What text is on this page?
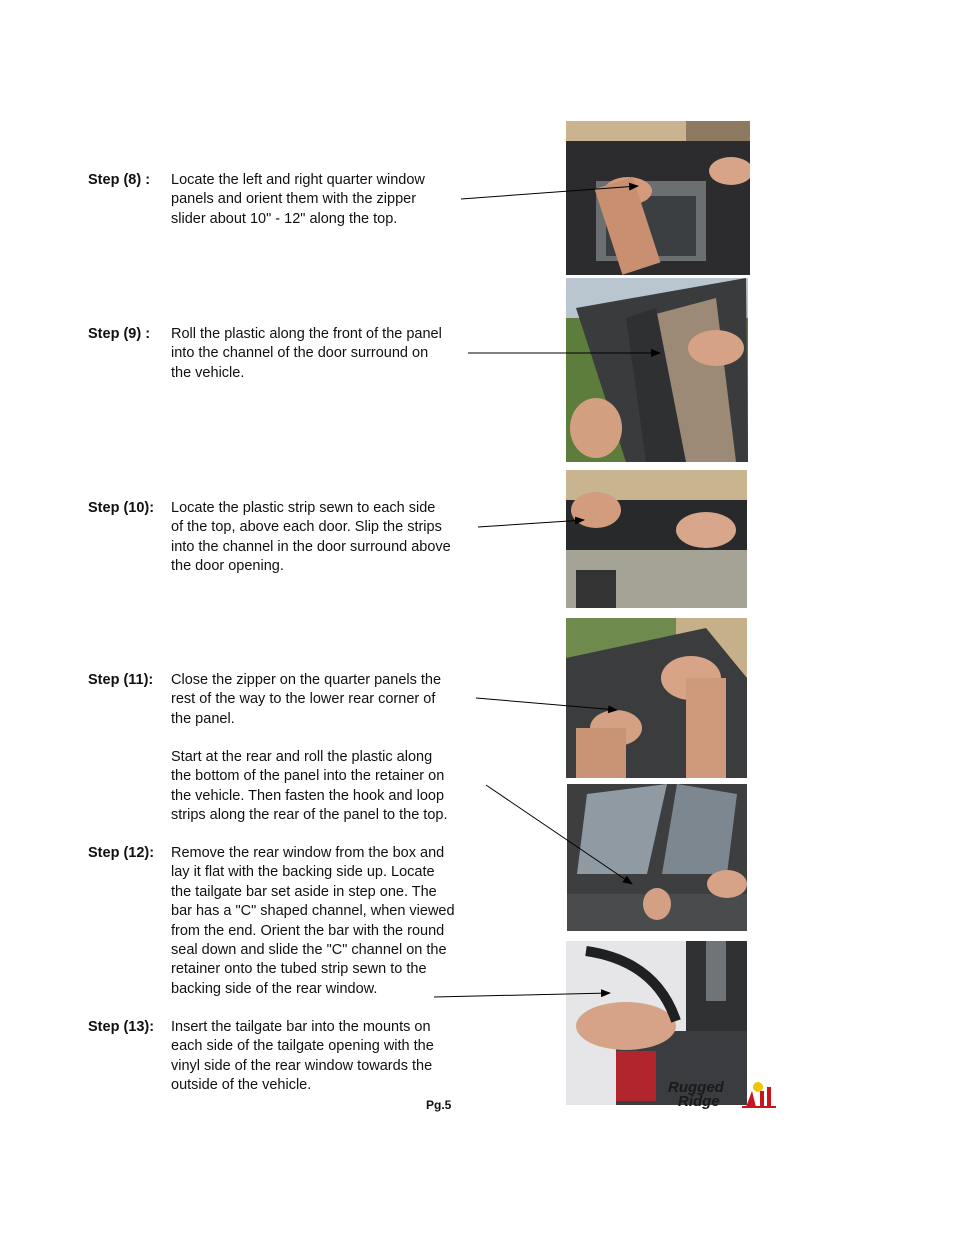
Step (8) : Locate the left and right quarter window
panels and orient them with the zipper
slider about 10" - 12" along the top.
Step (9) : Roll the plastic along the front of the panel
into the channel of the door surround on
the vehicle.
Step (10): Locate the plastic strip sewn to each side
of the top, above each door. Slip the strips
into the channel in the door surround above
the door opening.
Step (11): Close the zipper on the quarter panels the
rest of the way to the lower rear corner of
the panel.
Start at the rear and roll the plastic along
the bottom of the panel into the retainer on
the vehicle. Then fasten the hook and loop
strips along the rear of the panel to the top.
Step (12): Remove the rear window from the box and
lay it flat with the backing side up. Locate
the tailgate bar set aside in step one. The
bar has a "C" shaped channel, when viewed
from the end. Orient the bar with the round
seal down and slide the "C" channel on the
retainer onto the tubed strip sewn to the
backing side of the rear window.
Step (13): Insert the tailgate bar into the mounts on
each side of the tailgate opening with the
vinyl side of the rear window towards the
outside of the vehicle.	Rugged
Ridge
Pg.5
